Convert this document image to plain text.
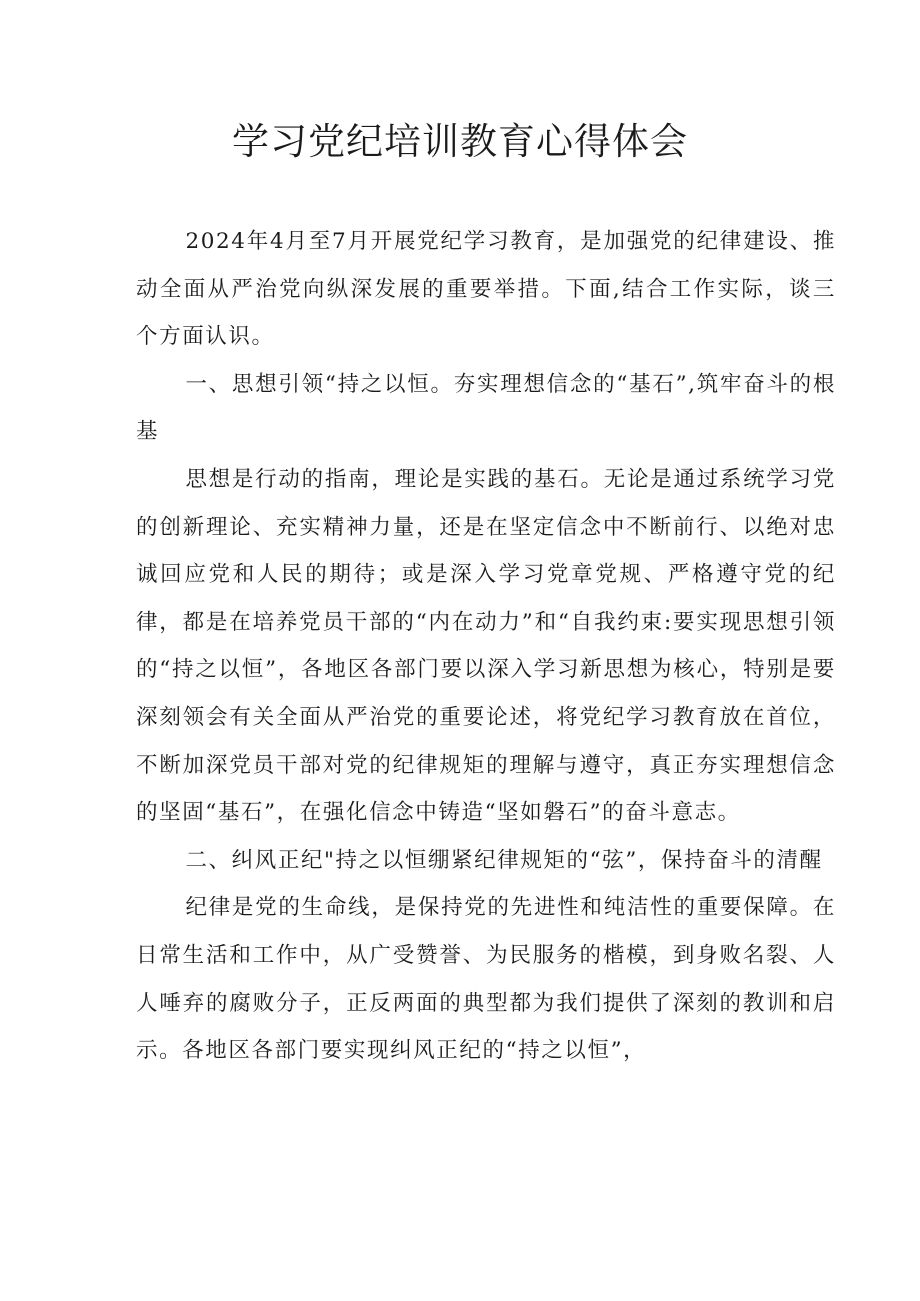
学习党纪培训教育心得体会

2024年4月至7月开展党纪学习教育，是加强党的纪律建设、推动全面从严治党向纵深发展的重要举措。下面,结合工作实际，谈三个方面认识。

一、思想引领“持之以恒。夯实理想信念的“基石”,筑牢奋斗的根基

思想是行动的指南，理论是实践的基石。无论是通过系统学习党的创新理论、充实精神力量，还是在坚定信念中不断前行、以绝对忠诚回应党和人民的期待；或是深入学习党章党规、严格遵守党的纪律，都是在培养党员干部的“内在动力”和“自我约束:要实现思想引领的“持之以恒”，各地区各部门要以深入学习新思想为核心，特别是要深刻领会有关全面从严治党的重要论述，将党纪学习教育放在首位，不断加深党员干部对党的纪律规矩的理解与遵守，真正夯实理想信念的坚固“基石”，在强化信念中铸造“坚如磐石”的奋斗意志。

二、纠风正纪"持之以恒绷紧纪律规矩的“弦”，保持奋斗的清醒

纪律是党的生命线，是保持党的先进性和纯洁性的重要保障。在日常生活和工作中，从广受赞誉、为民服务的楷模，到身败名裂、人人唾弃的腐败分子，正反两面的典型都为我们提供了深刻的教训和启示。各地区各部门要实现纠风正纪的“持之以恒”，
